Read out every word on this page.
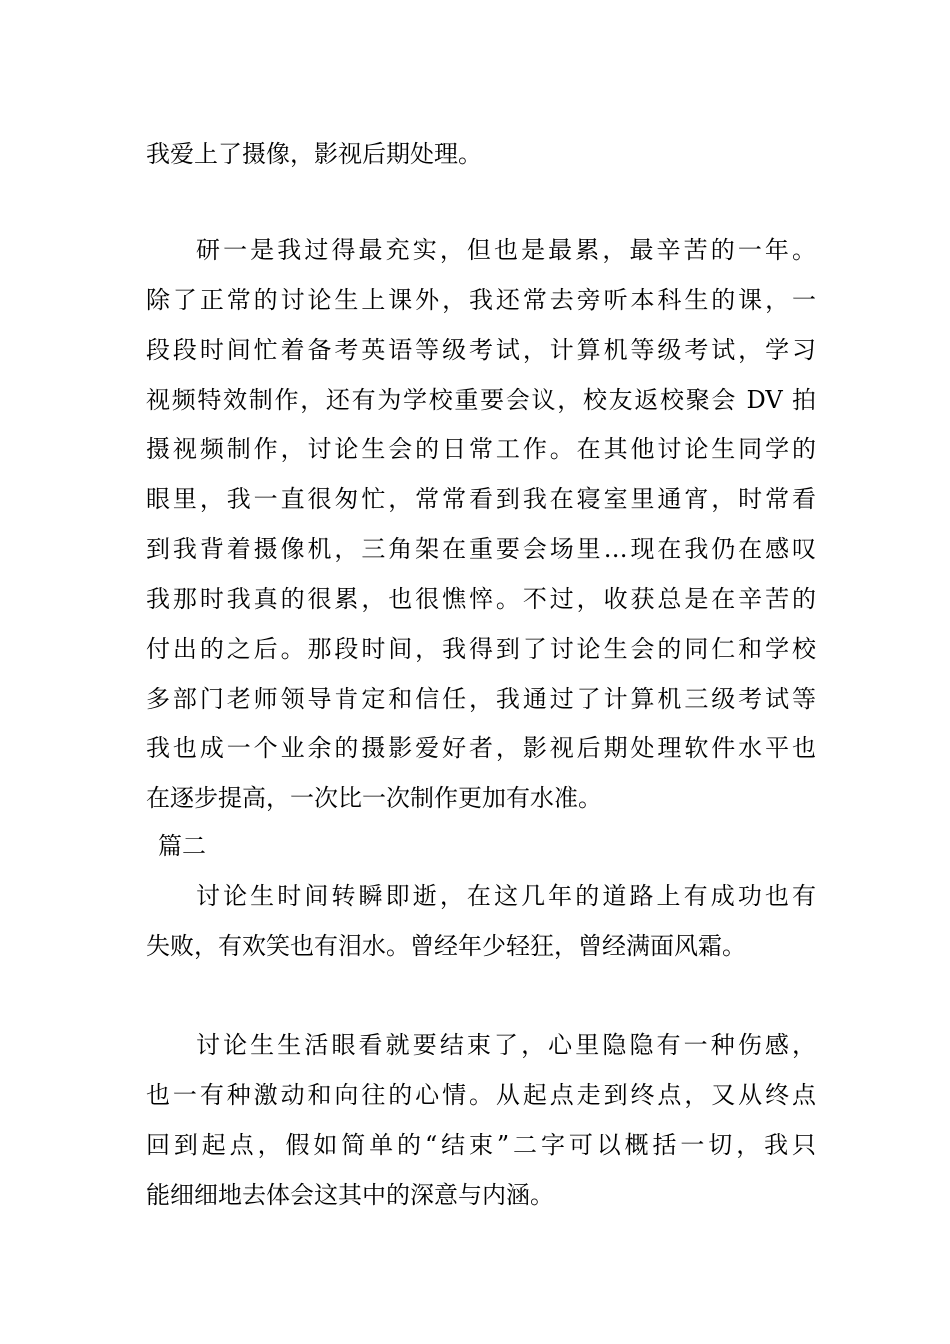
我爱上了摄像，影视后期处理。
研一是我过得最充实，但也是最累，最辛苦的一年。
除了正常的讨论生上课外，我还常去旁听本科生的课，一
段段时间忙着备考英语等级考试，计算机等级考试，学习
视频特效制作，还有为学校重要会议，校友返校聚会 DV 拍
摄视频制作，讨论生会的日常工作。在其他讨论生同学的
眼里，我一直很匆忙，常常看到我在寝室里通宵，时常看
到我背着摄像机，三角架在重要会场里…现在我仍在感叹
我那时我真的很累，也很憔悴。不过，收获总是在辛苦的
付出的之后。那段时间，我得到了讨论生会的同仁和学校
多部门老师领导肯定和信任，我通过了计算机三级考试等
我也成一个业余的摄影爱好者，影视后期处理软件水平也
在逐步提高，一次比一次制作更加有水准。
篇二
讨论生时间转瞬即逝，在这几年的道路上有成功也有
失败，有欢笑也有泪水。曾经年少轻狂，曾经满面风霜。
讨论生生活眼看就要结束了，心里隐隐有一种伤感，
也一有种激动和向往的心情。从起点走到终点，又从终点
回到起点，假如简单的“结束”二字可以概括一切，我只
能细细地去体会这其中的深意与内涵。
